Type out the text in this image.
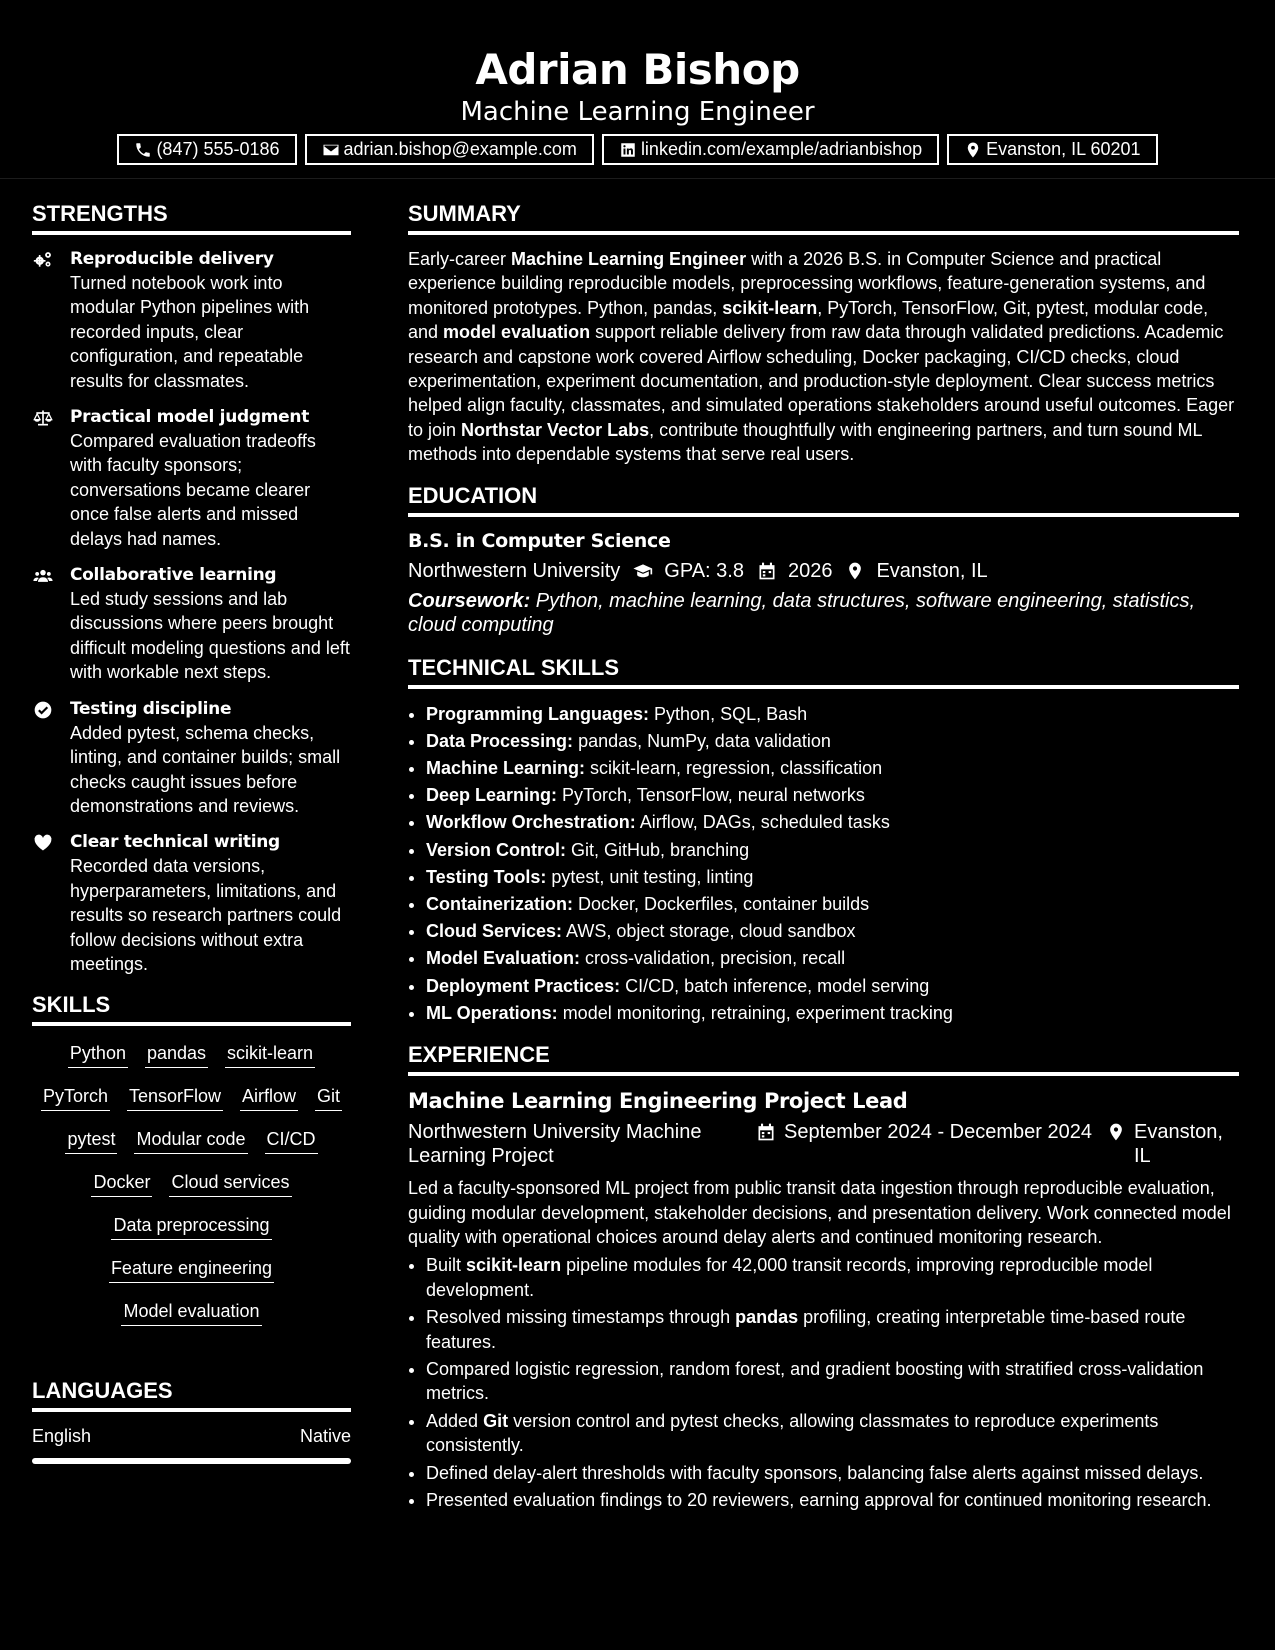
Adrian Bishop
Machine Learning Engineer
(847) 555-0186	adrian.bishop@example.com	linkedin.com/example/adrianbishop	Evanston, IL 60201
STRENGTHS
Reproducible delivery
Turned notebook work into modular Python pipelines with recorded inputs, clear configuration, and repeatable results for classmates.
Practical model judgment
Compared evaluation tradeoffs with faculty sponsors; conversations became clearer once false alerts and missed delays had names.
Collaborative learning
Led study sessions and lab discussions where peers brought difficult modeling questions and left with workable next steps.
Testing discipline
Added pytest, schema checks, linting, and container builds; small checks caught issues before demonstrations and reviews.
Clear technical writing
Recorded data versions, hyperparameters, limitations, and results so research partners could follow decisions without extra meetings.
SKILLS
Python pandas scikit-learn
PyTorch TensorFlow Airflow Git
pytest Modular code CI/CD
Docker Cloud services
Data preprocessing
Feature engineering
Model evaluation
LANGUAGES
English	Native
SUMMARY
Early-career Machine Learning Engineer with a 2026 B.S. in Computer Science and practical experience building reproducible models, preprocessing workflows, feature-generation systems, and monitored prototypes. Python, pandas, scikit-learn, PyTorch, TensorFlow, Git, pytest, modular code, and model evaluation support reliable delivery from raw data through validated predictions. Academic research and capstone work covered Airflow scheduling, Docker packaging, CI/CD checks, cloud experimentation, experiment documentation, and production-style deployment. Clear success metrics helped align faculty, classmates, and simulated operations stakeholders around useful outcomes. Eager to join Northstar Vector Labs, contribute thoughtfully with engineering partners, and turn sound ML methods into dependable systems that serve real users.
EDUCATION
B.S. in Computer Science
Northwestern University GPA: 3.8 2026 Evanston, IL
Coursework: Python, machine learning, data structures, software engineering, statistics, cloud computing
TECHNICAL SKILLS
• Programming Languages: Python, SQL, Bash
• Data Processing: pandas, NumPy, data validation
• Machine Learning: scikit-learn, regression, classification
• Deep Learning: PyTorch, TensorFlow, neural networks
• Workflow Orchestration: Airflow, DAGs, scheduled tasks
• Version Control: Git, GitHub, branching
• Testing Tools: pytest, unit testing, linting
• Containerization: Docker, Dockerfiles, container builds
• Cloud Services: AWS, object storage, cloud sandbox
• Model Evaluation: cross-validation, precision, recall
• Deployment Practices: CI/CD, batch inference, model serving
• ML Operations: model monitoring, retraining, experiment tracking
EXPERIENCE
Machine Learning Engineering Project Lead
Northwestern University Machine Learning Project
September 2024 - December 2024 Evanston, IL
Led a faculty-sponsored ML project from public transit data ingestion through reproducible evaluation, guiding modular development, stakeholder decisions, and presentation delivery. Work connected model quality with operational choices around delay alerts and continued monitoring research.
• Built scikit-learn pipeline modules for 42,000 transit records, improving reproducible model development.
• Resolved missing timestamps through pandas profiling, creating interpretable time-based route features.
• Compared logistic regression, random forest, and gradient boosting with stratified cross-validation metrics.
• Added Git version control and pytest checks, allowing classmates to reproduce experiments consistently.
• Defined delay-alert thresholds with faculty sponsors, balancing false alerts against missed delays.
• Presented evaluation findings to 20 reviewers, earning approval for continued monitoring research.
